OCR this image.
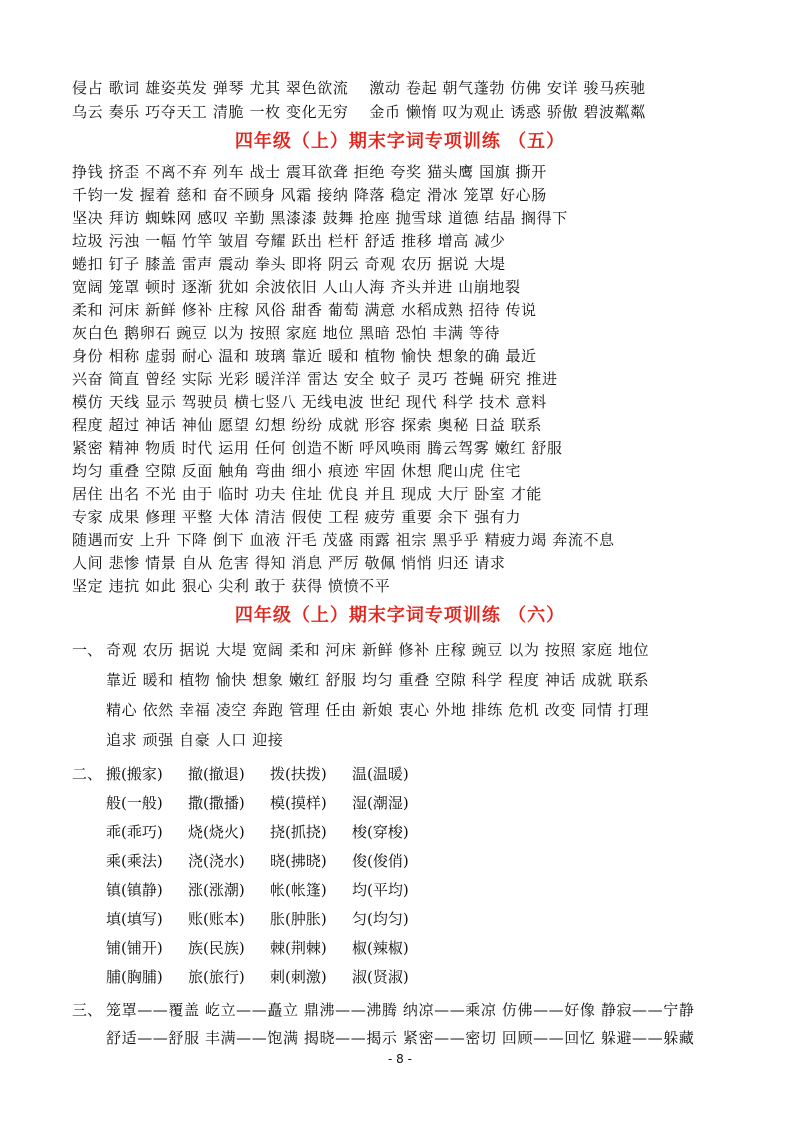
侵占 歌词 雄姿英发 弹琴 尤其 翠色欲流　 激动 卷起 朝气蓬勃 仿佛 安详 骏马疾驰
乌云 奏乐 巧夺天工 清脆 一枚 变化无穷　 金币 懒惰 叹为观止 诱惑 骄傲 碧波粼粼
四年级（上）期末字词专项训练 （五）
挣钱 挤歪 不离不弃 列车 战士 震耳欲聋 拒绝 夸奖 猫头鹰 国旗 撕开
千钧一发 握着 慈和 奋不顾身 风霜 接纳 降落 稳定 滑冰 笼罩 好心肠
坚决 拜访 蜘蛛网 感叹 辛勤 黑漆漆 鼓舞 抢座 抛雪球 道德 结晶 搁得下
垃圾 污浊 一幅 竹竿 皱眉 夸耀 跃出 栏杆 舒适 推移 增高 减少
蜷扣 钉子 膝盖 雷声 震动 拳头 即将 阴云 奇观 农历 据说 大堤
宽阔 笼罩 顿时 逐渐 犹如 余波依旧 人山人海 齐头并进 山崩地裂
柔和 河床 新鲜 修补 庄稼 风俗 甜香 葡萄 满意 水稻成熟 招待 传说
灰白色 鹅卵石 豌豆 以为 按照 家庭 地位 黑暗 恐怕 丰满 等待
身份 相称 虚弱 耐心 温和 玻璃 靠近 暖和 植物 愉快 想象的确 最近
兴奋 简直 曾经 实际 光彩 暖洋洋 雷达 安全 蚊子 灵巧 苍蝇 研究 推进
模仿 天线 显示 驾驶员 横七竖八 无线电波 世纪 现代 科学 技术 意料
程度 超过 神话 神仙 愿望 幻想 纷纷 成就 形容 探索 奥秘 日益 联系
紧密 精神 物质 时代 运用 任何 创造不断 呼风唤雨 腾云驾雾 嫩红 舒服
均匀 重叠 空隙 反面 触角 弯曲 细小 痕迹 牢固 休想 爬山虎 住宅
居住 出名 不光 由于 临时 功夫 住址 优良 并且 现成 大厅 卧室 才能
专家 成果 修理 平整 大体 清洁 假使 工程 疲劳 重要 余下 强有力
随遇而安 上升 下降 倒下 血液 汗毛 茂盛 雨露 祖宗 黑乎乎 精疲力竭 奔流不息
人间 悲惨 情景 自从 危害 得知 消息 严厉 敬佩 悄悄 归还 请求
坚定 违抗 如此 狠心 尖利 敢于 获得 愤愤不平
四年级（上）期末字词专项训练 （六）
一、 奇观 农历 据说 大堤 宽阔 柔和 河床 新鲜 修补 庄稼 豌豆 以为 按照 家庭 地位
靠近 暖和 植物 愉快 想象 嫩红 舒服 均匀 重叠 空隙 科学 程度 神话 成就 联系
精心 依然 幸福 凌空 奔跑 管理 任由 新娘 衷心 外地 排练 危机 改变 同情 打理
追求 顽强 自豪 人口 迎接
二、 搬(搬家) 撤(撤退) 拨(扶拨) 温(温暖)
般(一般) 撒(撒播) 模(摸样) 湿(潮湿)
乖(乖巧) 烧(烧火) 挠(抓挠) 梭(穿梭)
乘(乘法) 浇(浇水) 晓(拂晓) 俊(俊俏)
镇(镇静) 涨(涨潮) 帐(帐篷) 均(平均)
填(填写) 账(账本) 胀(肿胀) 匀(均匀)
铺(铺开) 族(民族) 棘(荆棘) 椒(辣椒)
脯(胸脯) 旅(旅行) 刺(刺激) 淑(贤淑)
三、 笼罩——覆盖 屹立——矗立 鼎沸——沸腾 纳凉——乘凉 仿佛——好像 静寂——宁静
舒适——舒服 丰满——饱满 揭晓——揭示 紧密——密切 回顾——回忆 躲避——躲藏
- 8 -
